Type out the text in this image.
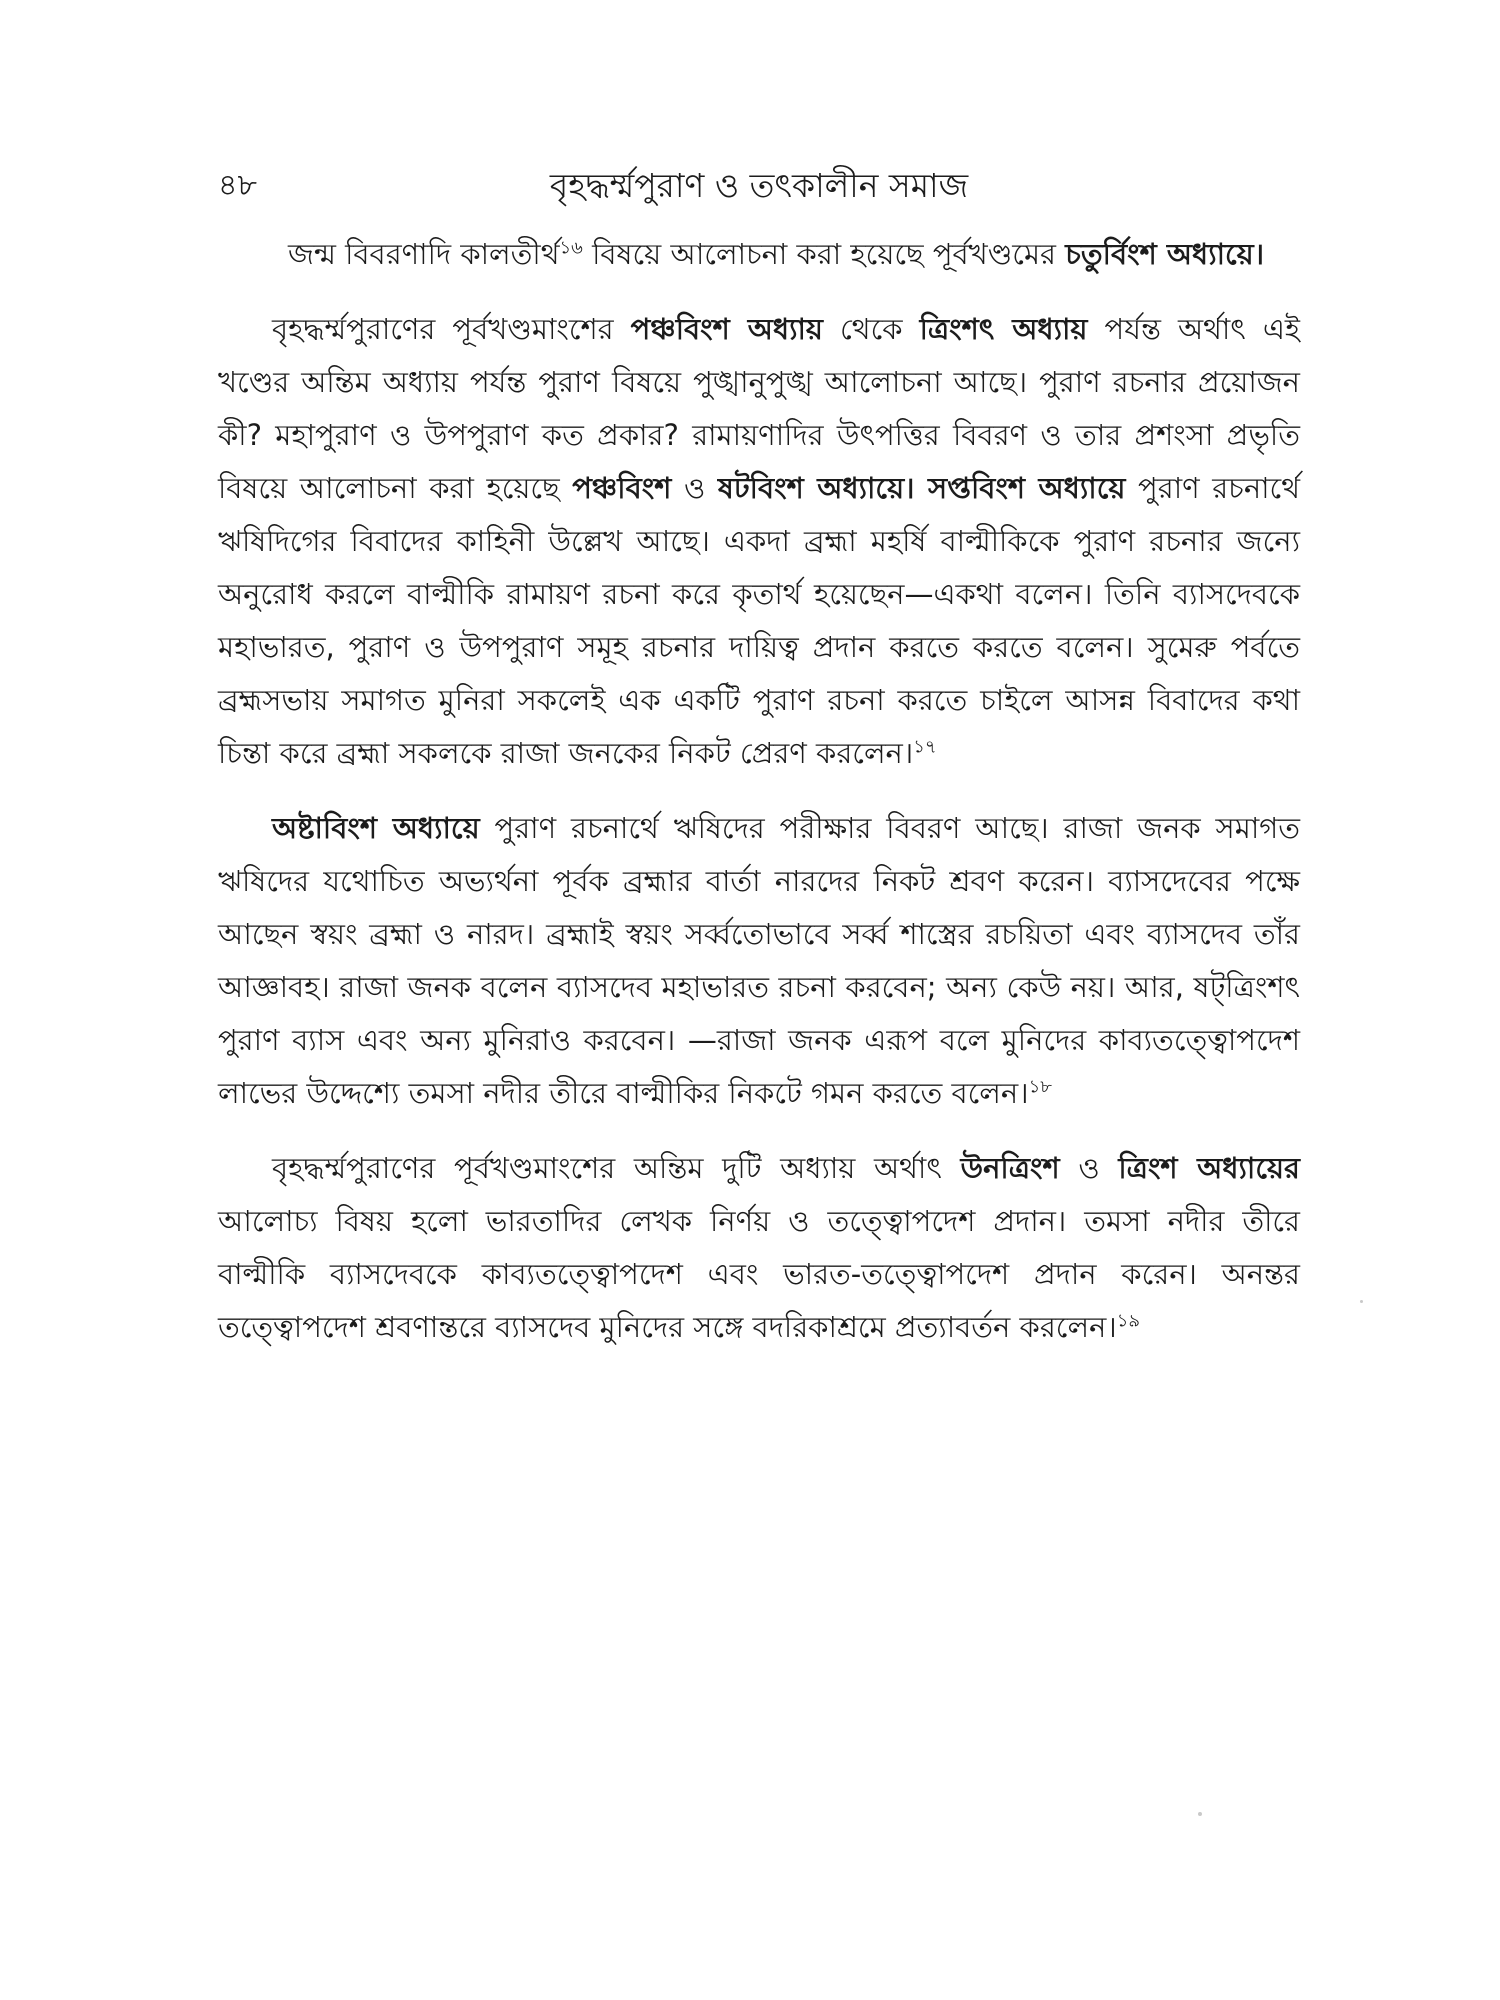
৪৮	বৃহদ্ধর্ম্মপুরাণ ও তৎকালীন সমাজ

জন্ম বিবরণাদি কালতীর্থ$^{১৬}$ বিষয়ে আলোচনা করা হয়েছে পূর্বখণ্ডমের চতুর্বিংশ অধ্যায়ে।

বৃহদ্ধর্ম্মপুরাণের পূর্বখণ্ডমাংশের পঞ্চবিংশ অধ্যায় থেকে ত্রিংশৎ অধ্যায় পর্যন্ত অর্থাৎ এই খণ্ডের অন্তিম অধ্যায় পর্যন্ত পুরাণ বিষয়ে পুঙ্খানুপুঙ্খ আলোচনা আছে। পুরাণ রচনার প্রয়োজন কী? মহাপুরাণ ও উপপুরাণ কত প্রকার? রামায়ণাদির উৎপত্তির বিবরণ ও তার প্রশংসা প্রভৃতি বিষয়ে আলোচনা করা হয়েছে পঞ্চবিংশ ও ষটবিংশ অধ্যায়ে। সপ্তবিংশ অধ্যায়ে পুরাণ রচনার্থে ঋষিদিগের বিবাদের কাহিনী উল্লেখ আছে। একদা ব্রহ্মা মহর্ষি বাল্মীকিকে পুরাণ রচনার জন্যে অনুরোধ করলে বাল্মীকি রামায়ণ রচনা করে কৃতার্থ হয়েছেন—একথা বলেন। তিনি ব্যাসদেবকে মহাভারত, পুরাণ ও উপপুরাণ সমূহ রচনার দায়িত্ব প্রদান করতে করতে বলেন। সুমেরু পর্বতে ব্রহ্মসভায় সমাগত মুনিরা সকলেই এক একটি পুরাণ রচনা করতে চাইলে আসন্ন বিবাদের কথা চিন্তা করে ব্রহ্মা সকলকে রাজা জনকের নিকট প্রেরণ করলেন।$^{১৭}$

অষ্টাবিংশ অধ্যায়ে পুরাণ রচনার্থে ঋষিদের পরীক্ষার বিবরণ আছে। রাজা জনক সমাগত ঋষিদের যথোচিত অভ্যর্থনা পূর্বক ব্রহ্মার বার্তা নারদের নিকট শ্রবণ করেন। ব্যাসদেবের পক্ষে আছেন স্বয়ং ব্রহ্মা ও নারদ। ব্রহ্মাই স্বয়ং সর্ব্বতোভাবে সর্ব্ব শাস্ত্রের রচয়িতা এবং ব্যাসদেব তাঁর আজ্ঞাবহ। রাজা জনক বলেন ব্যাসদেব মহাভারত রচনা করবেন; অন্য কেউ নয়। আর, ষট্‌ত্রিংশৎ পুরাণ ব্যাস এবং অন্য মুনিরাও করবেন। —রাজা জনক এরূপ বলে মুনিদের কাব্যতত্ত্বোপদেশ লাভের উদ্দেশ্যে তমসা নদীর তীরে বাল্মীকির নিকটে গমন করতে বলেন।$^{১৮}$

বৃহদ্ধর্ম্মপুরাণের পূর্বখণ্ডমাংশের অন্তিম দুটি অধ্যায় অর্থাৎ উনত্রিংশ ও ত্রিংশ অধ্যায়ের আলোচ্য বিষয় হলো ভারতাদির লেখক নির্ণয় ও তত্ত্বোপদেশ প্রদান। তমসা নদীর তীরে বাল্মীকি ব্যাসদেবকে কাব্যতত্ত্বোপদেশ এবং ভারত-তত্ত্বোপদেশ প্রদান করেন। অনন্তর তত্ত্বোপদেশ শ্রবণান্তরে ব্যাসদেব মুনিদের সঙ্গে বদরিকাশ্রমে প্রত্যাবর্তন করলেন।$^{১৯}$
